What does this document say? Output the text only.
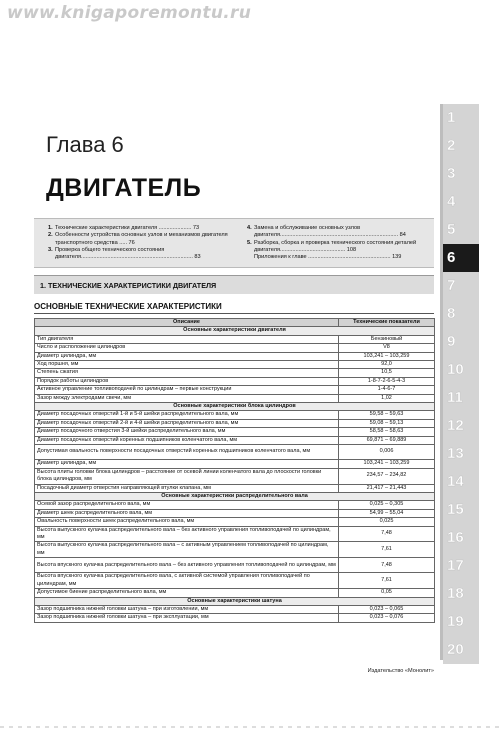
www.knigaporemontu.ru
Глава 6
ДВИГАТЕЛЬ
1. Технические характеристики двигателя ..................... 73
2. Особенности устройства основных узлов и механизмов двигателя транспортного средства ..... 76
3. Проверка общего технического состояния двигателя........................................................................ 83
4. Замена и обслуживание основных узлов двигателя............................................................................ 84
5. Разборка, сборка и проверка технического состояния деталей двигателя.......................................... 108
Приложения к главе ..................................................... 139
1. ТЕХНИЧЕСКИЕ ХАРАКТЕРИСТИКИ ДВИГАТЕЛЯ
ОСНОВНЫЕ ТЕХНИЧЕСКИЕ ХАРАКТЕРИСТИКИ
Описание	Технические показатели
Основные характеристики двигателя	
Тип двигателя	Бензиновый
Число и расположение цилиндров	V8
Диаметр цилиндра, мм	103,241 – 103,259
Ход поршня, мм	92,0
Степень сжатия	10,5
Порядок работы цилиндров	1-8-7-2-6-5-4-3
Активное управление топливоподачей по цилиндрам – первые конструкции	1-4-6-7
Зазор между электродами свечи, мм	1,02
Основные характеристики блока цилиндров	
Диаметр посадочных отверстий 1-й и 5-й шейки распределительного вала, мм	59,58 – 59,63
Диаметр посадочных отверстий 2-й и 4-й шейки распределительного вала, мм	59,08 – 59,13
Диаметр посадочного отверстия 3-й шейки распределительного вала, мм	58,58 – 58,63
Диаметр посадочных отверстий коренных подшипников коленчатого вала, мм	69,871 – 69,889
Допустимая овальность поверхности посадочных отверстий коренных подшипников коленчатого вала, мм	0,006
Диаметр цилиндра, мм	103,241 – 103,259
Высота плиты головки блока цилиндров – расстояние от осевой линии коленчатого вала до плоскости головки блока цилиндров, мм	234,57 – 234,82
Посадочный диаметр отверстия направляющей втулки клапана, мм	21,417 – 21,443
Основные характеристики распределительного вала	
Осевой зазор распределительного вала, мм	0,025 – 0,305
Диаметр шеек распределительного вала, мм	54,99 – 55,04
Овальность поверхности шеек распределительного вала, мм	0,025
Высота выпускного кулачка распределительного вала – без активного управления топливоподачей по цилиндрам, мм	7,48
Высота выпускного кулачка распределительного вала – с активным управлением топливоподачей по цилиндрам, мм	7,61
Высота впускного кулачка распределительного вала – без активного управления топливоподачей по цилиндрам, мм	7,48
Высота впускного кулачка распределительного вала, с активной системой управления топливоподачей по цилиндрам, мм	7,61
Допустимое биение распределительного вала, мм	0,05
Основные характеристики шатуна	
Зазор подшипника нижней головки шатуна – при изготовлении, мм	0,023 – 0,065
Зазор подшипника нижней головки шатуна – при эксплуатации, мм	0,023 – 0,076
1
2
3
4
5
6
7
8
9
10
11
12
13
14
15
16
17
18
19
20
Издательство «Монолит»
